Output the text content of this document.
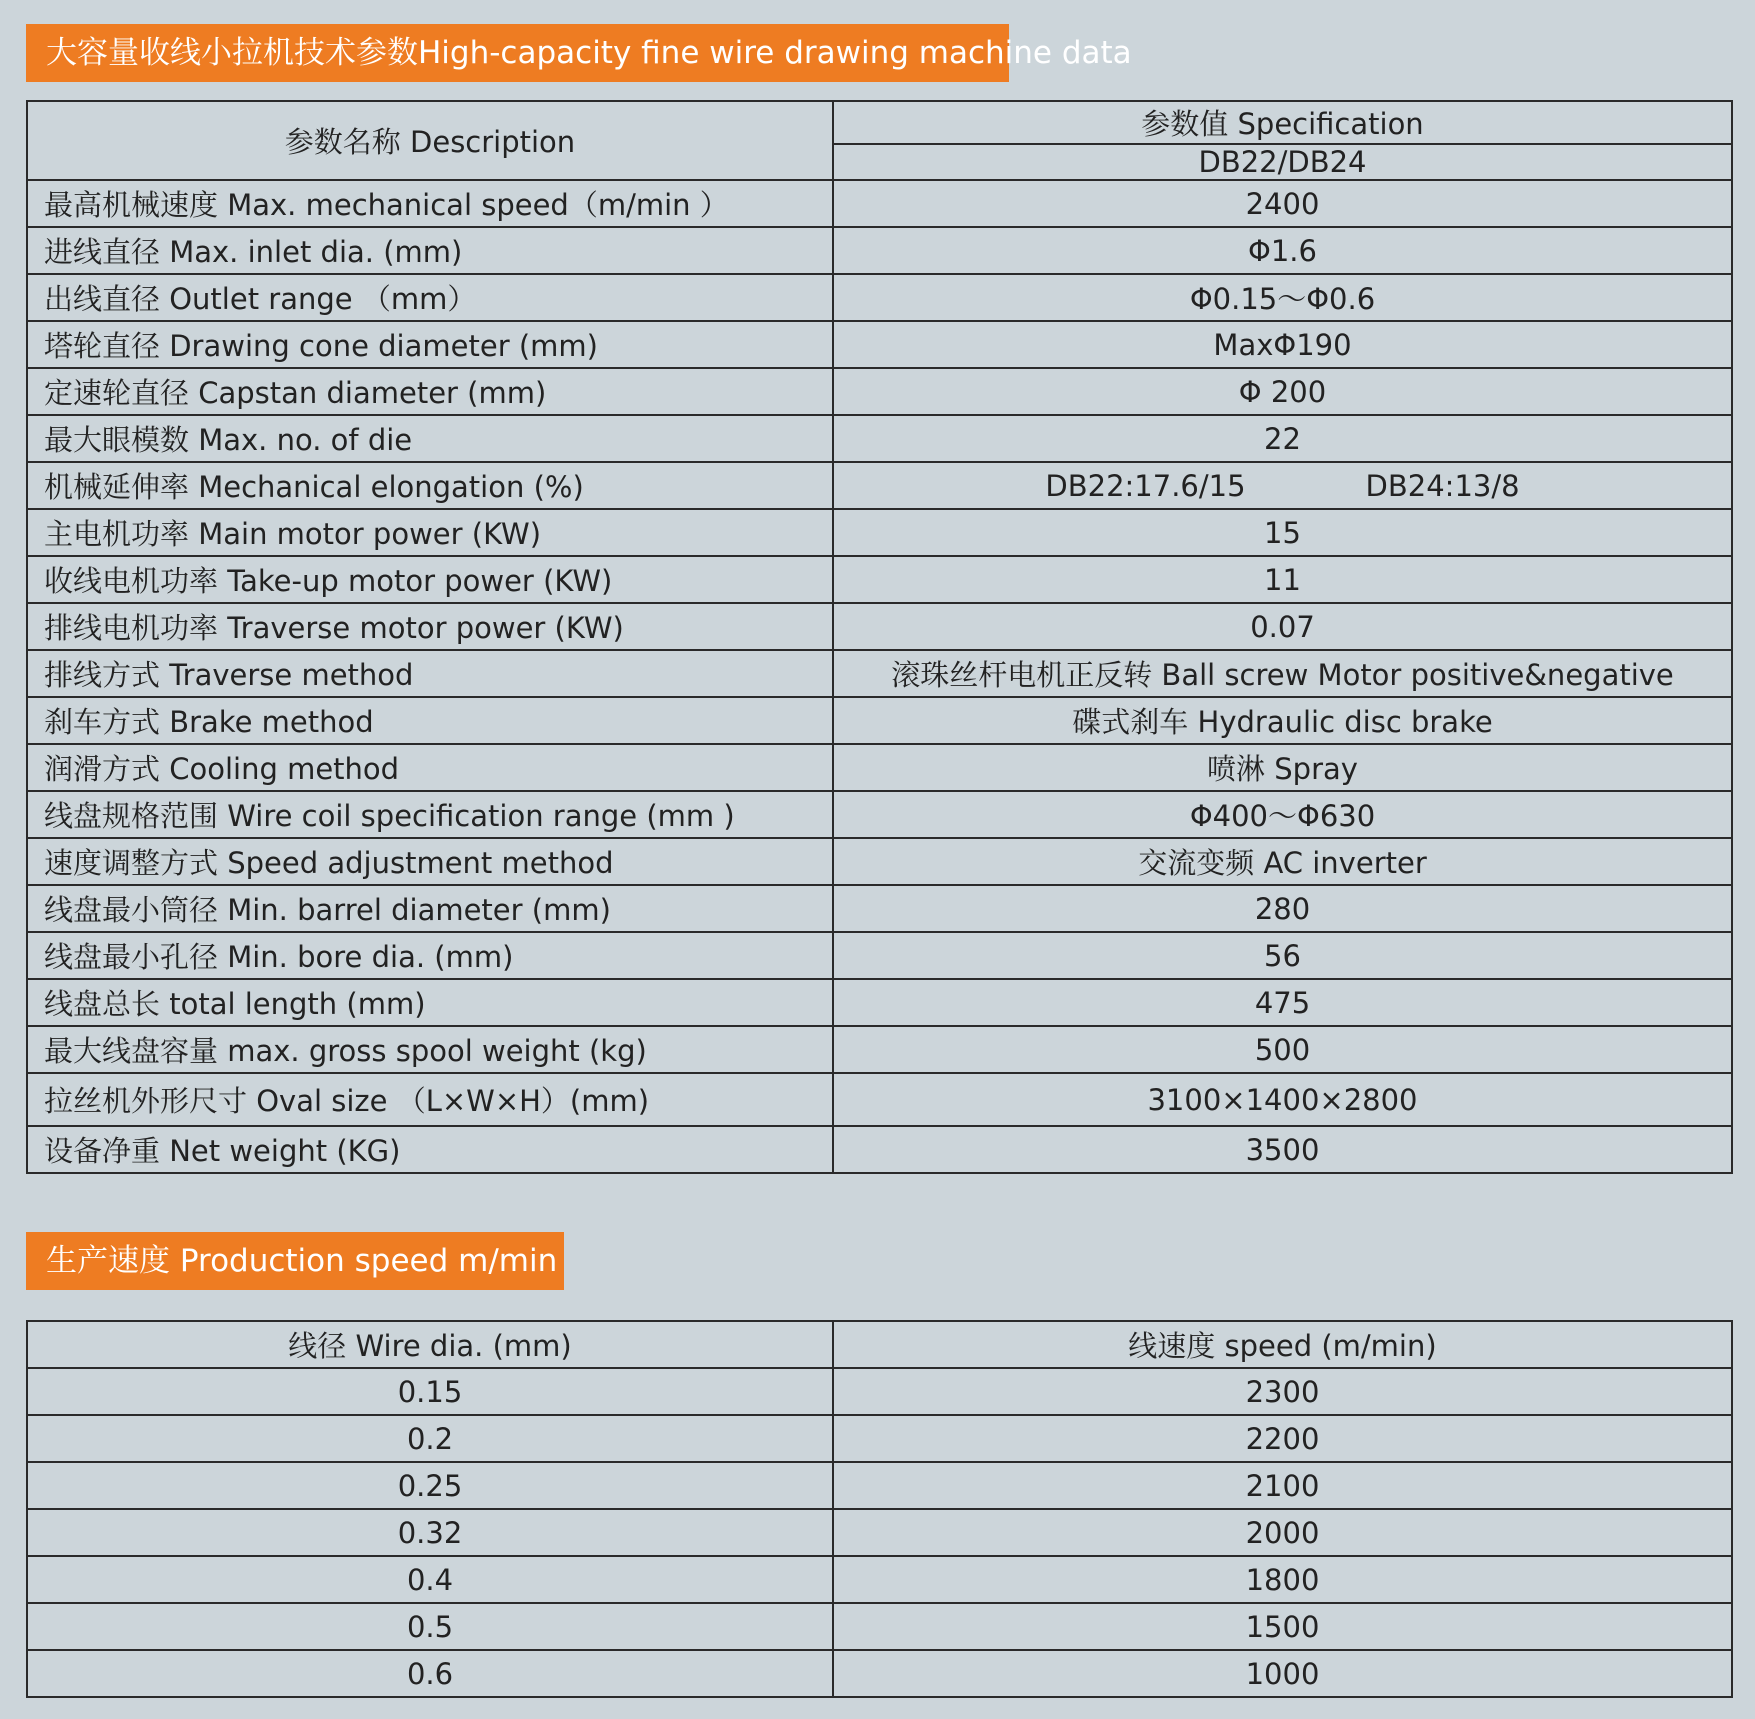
大容量收线小拉机技术参数High-capacity fine wire drawing machine data
参数名称 Description	参数值 Specification
	DB22/DB24
最高机械速度 Max. mechanical speed（m/min ）	2400
进线直径 Max. inlet dia. (mm)	Φ1.6
出线直径 Outlet range （mm）	Φ0.15～Φ0.6
塔轮直径 Drawing cone diameter (mm)	MaxΦ190
定速轮直径 Capstan diameter (mm)	Φ 200
最大眼模数 Max. no. of die	22
机械延伸率 Mechanical elongation (%)	DB22:17.6/15 DB24:13/8

主电机功率 Main motor power (KW)	15
收线电机功率 Take-up motor power (KW)	11
排线电机功率 Traverse motor power (KW)	0.07
排线方式 Traverse method	滚珠丝杆电机正反转 Ball screw Motor positive&negative
刹车方式 Brake method	碟式刹车 Hydraulic disc brake
润滑方式 Cooling method	喷淋 Spray
线盘规格范围 Wire coil specification range (mm )	Φ400～Φ630
速度调整方式 Speed adjustment method	交流变频 AC inverter
线盘最小筒径 Min. barrel diameter (mm)	280
线盘最小孔径 Min. bore dia. (mm)	56
线盘总长 total length (mm)	475
最大线盘容量 max. gross spool weight (kg)	500
拉丝机外形尺寸 Oval size （L×W×H）(mm)	3100×1400×2800
设备净重 Net weight (KG)	3500
生产速度 Production speed m/min
线径 Wire dia. (mm)	线速度 speed (m/min)
0.15	2300
0.2	2200
0.25	2100
0.32	2000
0.4	1800
0.5	1500
0.6	1000
